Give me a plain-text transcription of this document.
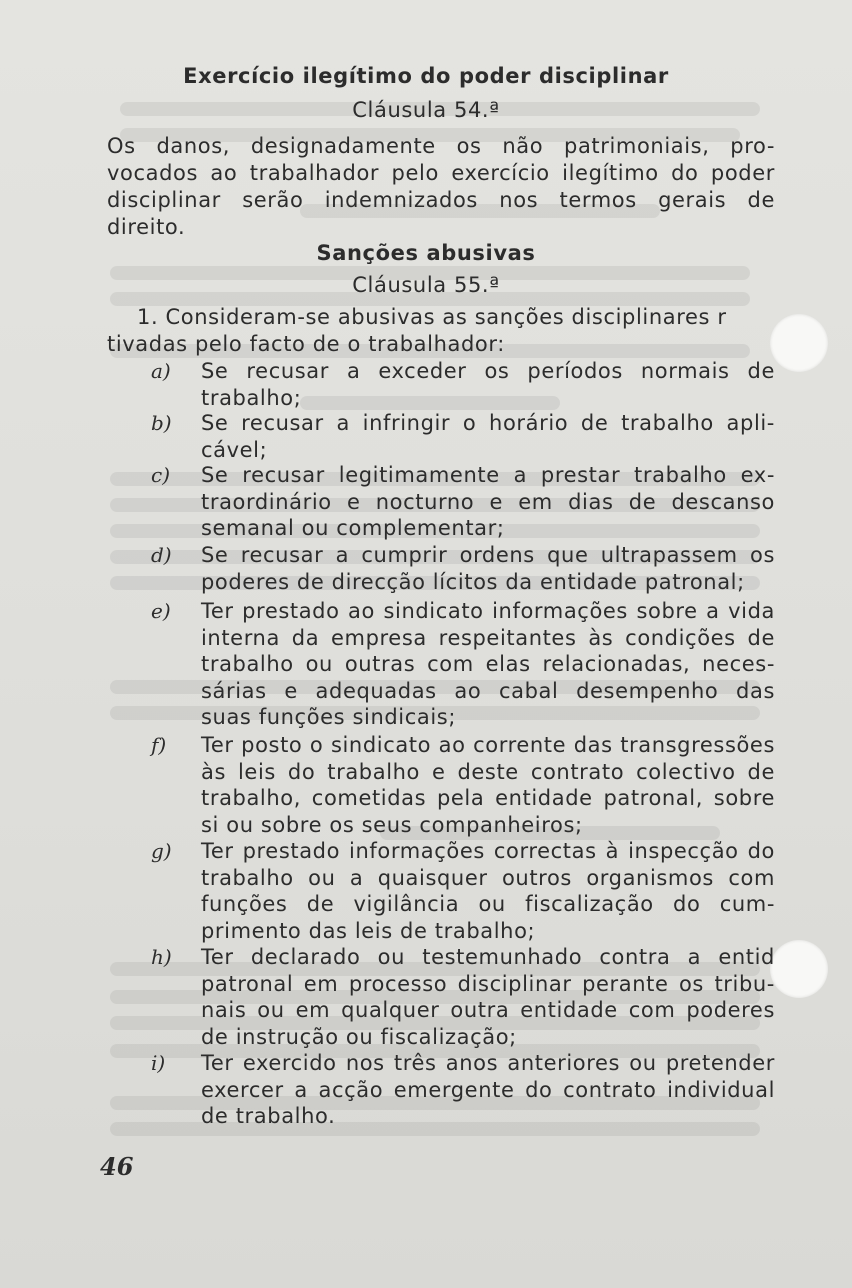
Exercício ilegítimo do poder disciplinar
Cláusula 54.ª
Os danos, designadamente os não patrimoniais, pro-
vocados ao trabalhador pelo exercício ilegítimo do poder
disciplinar serão indemnizados nos termos gerais de
direito.
Sanções abusivas
Cláusula 55.ª
1. Consideram-se abusivas as sanções disciplinares r
tivadas pelo facto de o trabalhador:
a) Se recusar a exceder os períodos normais de
trabalho;
b) Se recusar a infringir o horário de trabalho apli-
cável;
c) Se recusar legitimamente a prestar trabalho ex-
traordinário e nocturno e em dias de descanso
semanal ou complementar;
d) Se recusar a cumprir ordens que ultrapassem os
poderes de direcção lícitos da entidade patronal;
e) Ter prestado ao sindicato informações sobre a vida
interna da empresa respeitantes às condições de
trabalho ou outras com elas relacionadas, neces-
sárias e adequadas ao cabal desempenho das
suas funções sindicais;
f) Ter posto o sindicato ao corrente das transgressões
às leis do trabalho e deste contrato colectivo de
trabalho, cometidas pela entidade patronal, sobre
si ou sobre os seus companheiros;
g) Ter prestado informações correctas à inspecção do
trabalho ou a quaisquer outros organismos com
funções de vigilância ou fiscalização do cum-
primento das leis de trabalho;
h) Ter declarado ou testemunhado contra a entid
patronal em processo disciplinar perante os tribu-
nais ou em qualquer outra entidade com poderes
de instrução ou fiscalização;
i) Ter exercido nos três anos anteriores ou pretender
exercer a acção emergente do contrato individual
de trabalho.
46
